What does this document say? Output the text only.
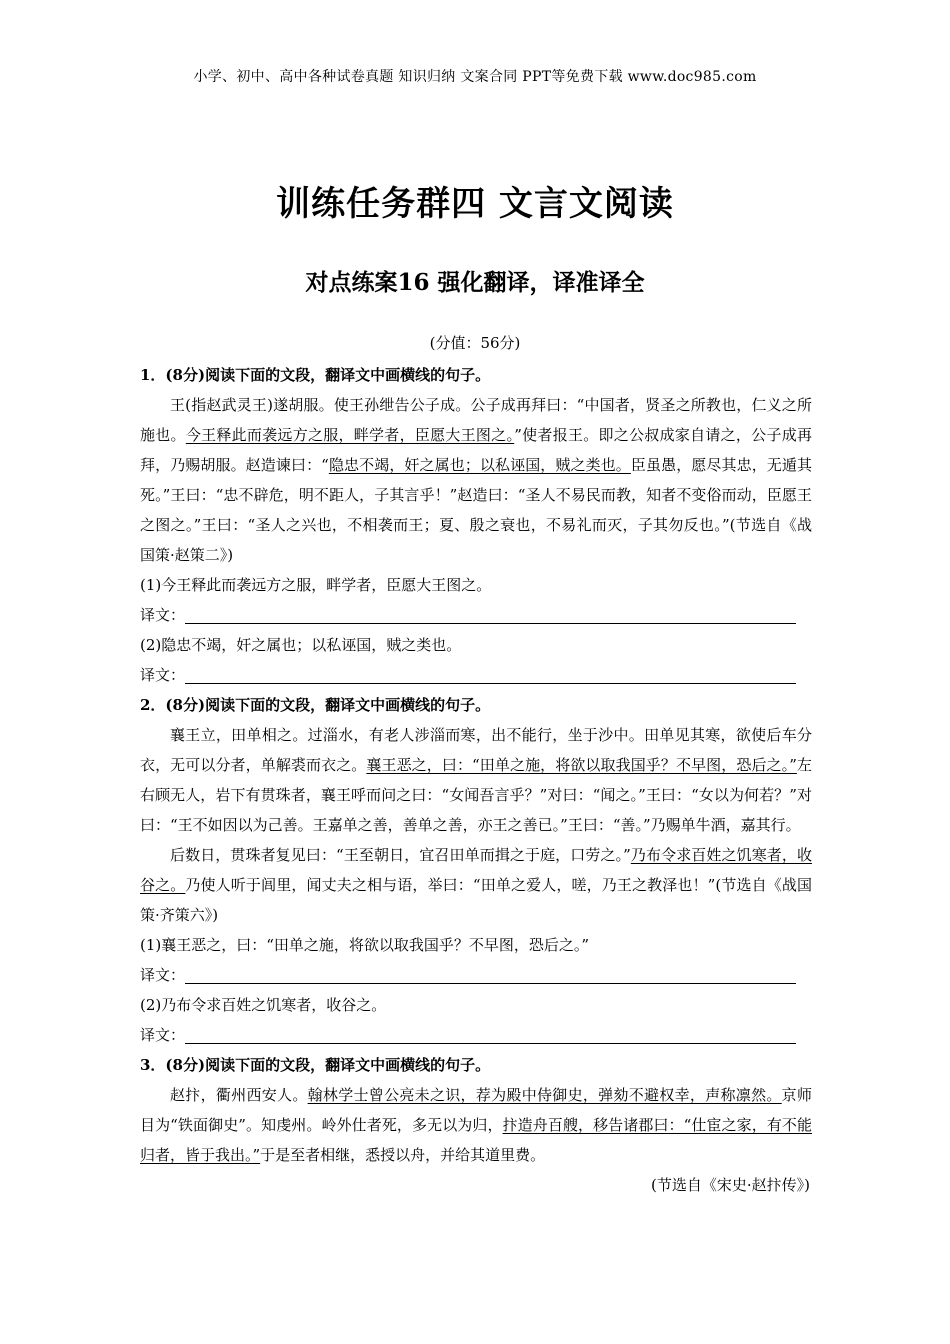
小学、初中、高中各种试卷真题 知识归纳 文案合同 PPT等免费下载 www.doc985.com
训练任务群四 文言文阅读
对点练案16 强化翻译，译准译全
(分值：56分)

1．(8分)阅读下面的文段，翻译文中画横线的句子。

王(指赵武灵王)遂胡服。使王孙绁告公子成。公子成再拜曰：“中国者，贤圣之所教也，仁义之所施也。今王释此而袭远方之服，畔学者，臣愿大王图之。”使者报王。即之公叔成家自请之，公子成再拜，乃赐胡服。赵造谏曰：“隐忠不竭，奸之属也；以私诬国，贼之类也。臣虽愚，愿尽其忠，无遁其死。”王曰：“忠不辟危，明不距人，子其言乎！”赵造曰：“圣人不易民而教，知者不变俗而动，臣愿王之图之。”王曰：“圣人之兴也，不相袭而王；夏、殷之衰也，不易礼而灭，子其勿反也。”(节选自《战国策·赵策二》)

(1)今王释此而袭远方之服，畔学者，臣愿大王图之。

译文：

(2)隐忠不竭，奸之属也；以私诬国，贼之类也。

译文：

2．(8分)阅读下面的文段，翻译文中画横线的句子。

襄王立，田单相之。过淄水，有老人涉淄而寒，出不能行，坐于沙中。田单见其寒，欲使后车分衣，无可以分者，单解裘而衣之。襄王恶之，曰：“田单之施，将欲以取我国乎？不早图，恐后之。”左右顾无人，岩下有贯珠者，襄王呼而问之曰：“女闻吾言乎？”对曰：“闻之。”王曰：“女以为何若？”对曰：“王不如因以为己善。王嘉单之善，善单之善，亦王之善已。”王曰：“善。”乃赐单牛酒，嘉其行。

后数日，贯珠者复见曰：“王至朝日，宜召田单而揖之于庭，口劳之。”乃布令求百姓之饥寒者，收谷之。乃使人听于闾里，闻丈夫之相与语，举曰：“田单之爱人，嗟，乃王之教泽也！”(节选自《战国策·齐策六》)

(1)襄王恶之，曰：“田单之施，将欲以取我国乎？不早图，恐后之。”

译文：

(2)乃布令求百姓之饥寒者，收谷之。

译文：

3．(8分)阅读下面的文段，翻译文中画横线的句子。

赵抃，衢州西安人。翰林学士曾公亮未之识，荐为殿中侍御史，弹劾不避权幸，声称凛然。京师目为“铁面御史”。知虔州。岭外仕者死，多无以为归，抃造舟百艘，移告诸郡曰：“仕宦之家，有不能归者，皆于我出。”于是至者相继，悉授以舟，并给其道里费。

(节选自《宋史·赵抃传》)
